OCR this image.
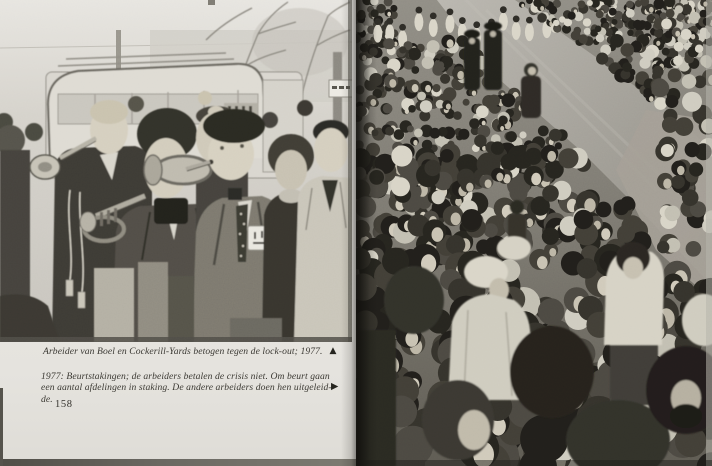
Arbeider van Boel en Cockerill-Yards betogen tegen de lock-out; 1977. ▲
1977: Beurtstakingen; de arbeiders betalen de crisis niet. Om beurt gaan
een aantal afdelingen in staking. De andere arbeiders doen hen uitgeleid-
de.
▶
158
